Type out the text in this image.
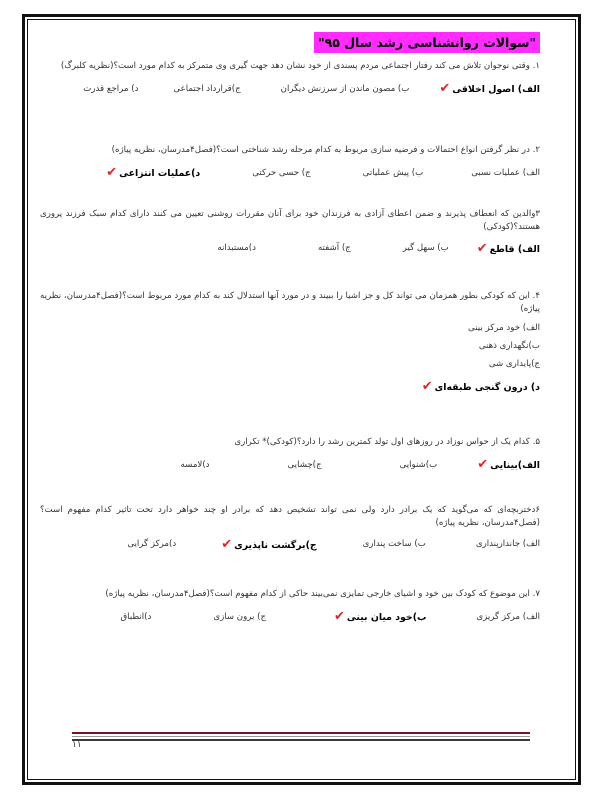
"سوالات روانشناسی رشد سال ۹۵"

۱. وقتی نوجوان تلاش می کند رفتار اجتماعی مردم پسندی از خود نشان دهد جهت گیری وی متمرکز به کدام مورد است؟(نظریه کلبرگ)

الف) اصول اخلاقی✔
ب) مصون ماندن از سرزنش دیگران
ج)قرارداد اجتماعی
د) مراجع قدرت

۲. در نظر گرفتن انواع احتمالات و فرضیه سازی مربوط به کدام مرحله رشد شناختی است؟(فصل۴مدرسان، نظریه پیاژه)

الف) عملیات نسبی
ب) پیش عملیاتی
ج) حسی حرکتی
د)عملیات انتزاعی✔

۳والدین که انعطاف پذیرند و ضمن اعطای آزادی به فرزندان خود برای آنان مقررات روشنی تعیین می کنند دارای کدام سبک فرزند پروری هستند؟(کودکی)

الف) قاطع✔
ب) سهل گیر
ج) آشفته
د)مستبدانه

۴. این که کودکی بطور همزمان می تواند کل و جز اشیا را ببیند و در مورد آنها استدلال کند به کدام مورد مربوط است؟(فصل۴مدرسان، نظریه پیاژه)

الف) خود مرکز بینی
ب)نگهداری ذهنی
ج)پایداری شی
د) درون گنجی طبقه‌ای✔

۵. کدام یک از حواس نوزاد در روزهای اول تولد کمترین رشد را دارد؟(کودکی)* تکراری

الف)بینایی✔
ب)شنوایی
ج)چشایی
د)لامسه

۶دختربچه‌ای که می‌گوید که یک برادر دارد ولی نمی تواند تشخیص دهد که برادر او چند خواهر دارد تحت تاثیر کدام مفهوم است؟(فصل۴مدرسان، نظریه پیاژه)

الف) جاندارپنداری
ب) ساخت پنداری
ج)برگشت ناپذیری✔
د)مرکز گرایی

۷. این موضوع که کودک بین خود و اشیای خارجی تمایزی نمی‌بیند حاکی از کدام مفهوم است؟(فصل۴مدرسان، نظریه پیاژه)

الف) مرکز گریزی
ب)خود میان بینی✔
ج) برون سازی
د)انطباق
۱۱
